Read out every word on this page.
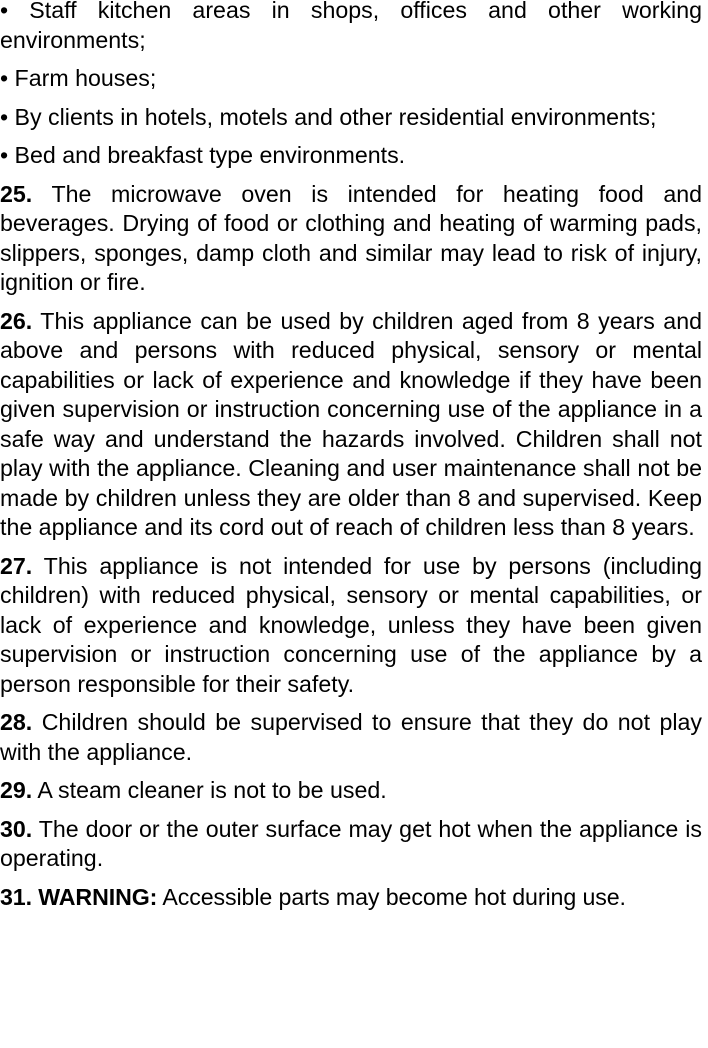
• Staff kitchen areas in shops, offices and other working environments;

• Farm houses;

• By clients in hotels, motels and other residential environments;

• Bed and breakfast type environments.

25. The microwave oven is intended for heating food and beverages. Drying of food or clothing and heating of warming pads, slippers, sponges, damp cloth and similar may lead to risk of injury, ignition or fire.

26. This appliance can be used by children aged from 8 years and above and persons with reduced physical, sensory or mental capabilities or lack of experience and knowledge if they have been given supervision or instruction concerning use of the appliance in a safe way and understand the hazards involved. Children shall not play with the appliance. Cleaning and user maintenance shall not be made by children unless they are older than 8 and supervised. Keep the appliance and its cord out of reach of children less than 8 years.

27. This appliance is not intended for use by persons (including children) with reduced physical, sensory or mental capabilities, or lack of experience and knowledge, unless they have been given supervision or instruction concerning use of the appliance by a person responsible for their safety.

28. Children should be supervised to ensure that they do not play with the appliance.

29. A steam cleaner is not to be used.

30. The door or the outer surface may get hot when the appliance is operating.

31. WARNING: Accessible parts may become hot during use.
